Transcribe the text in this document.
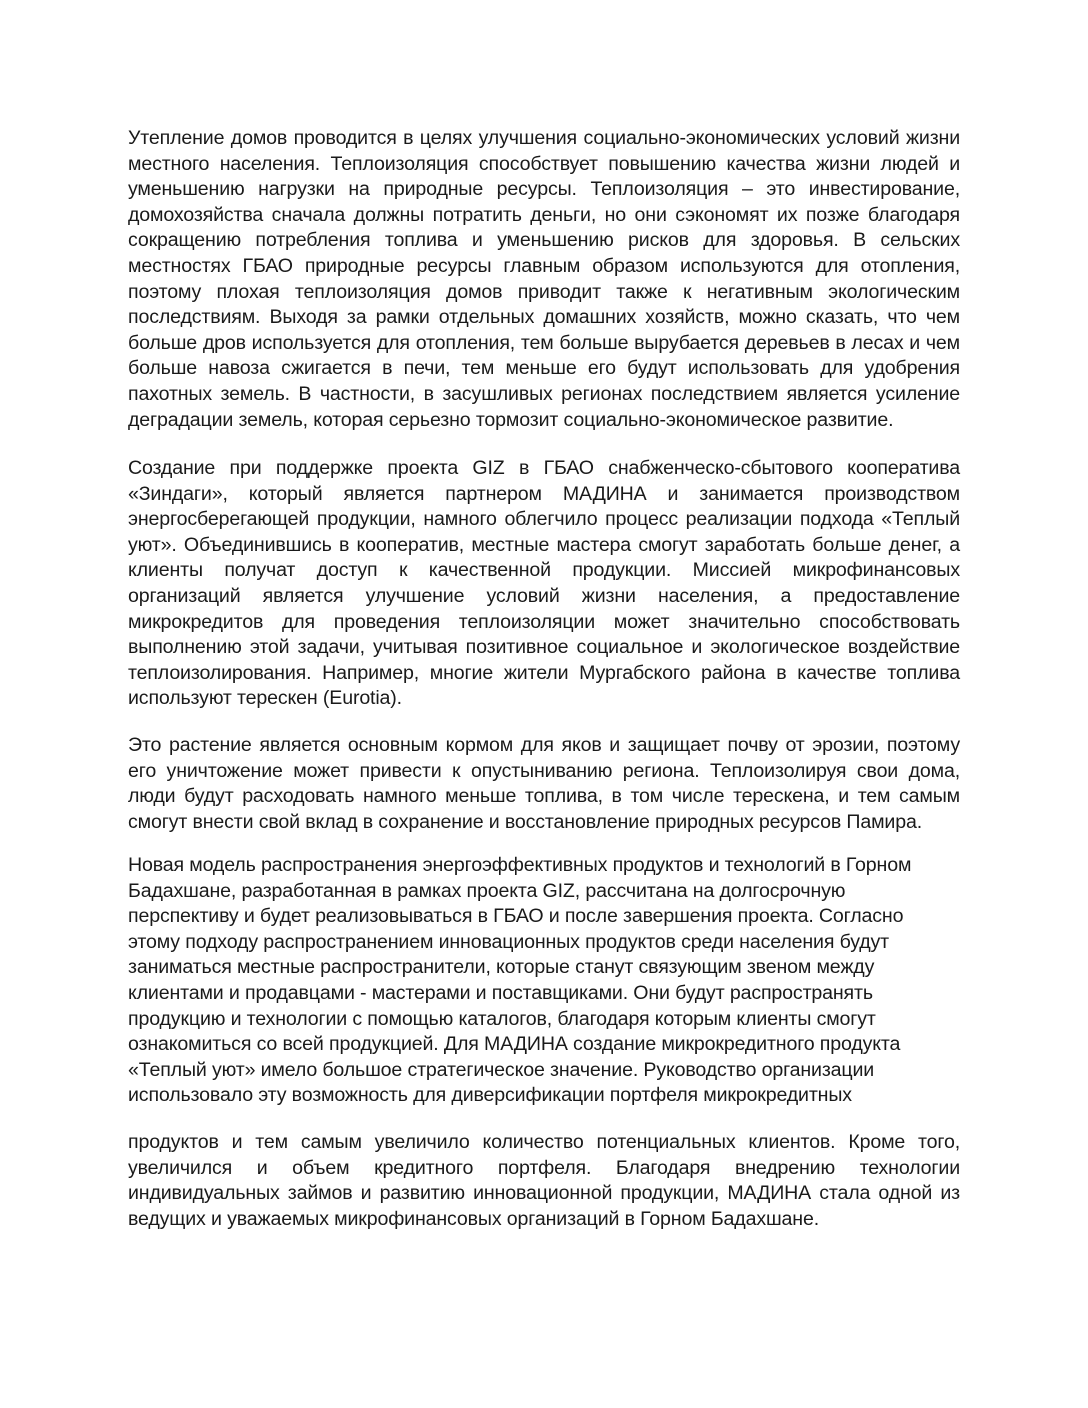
Утепление домов проводится в целях улучшения социально-экономических условий жизни местного населения. Теплоизоляция способствует повышению качества жизни людей и уменьшению нагрузки на природные ресурсы. Теплоизоляция – это инвестирование, домохозяйства сначала должны потратить деньги, но они сэкономят их позже благодаря сокращению потребления топлива и уменьшению рисков для здоровья. В сельских местностях ГБАО природные ресурсы главным образом используются для отопления, поэтому плохая теплоизоляция домов приводит также к негативным экологическим последствиям. Выходя за рамки отдельных домашних хозяйств, можно сказать, что чем больше дров используется для отопления, тем больше вырубается деревьев в лесах и чем больше навоза сжигается в печи, тем меньше его будут использовать для удобрения пахотных земель. В частности, в засушливых регионах последствием является усиление деградации земель, которая серьезно тормозит социально-экономическое развитие.

Создание при поддержке проекта GIZ в ГБАО снабженческо-сбытового кооператива «Зиндаги», который является партнером МАДИНА и занимается производством энергосберегающей продукции, намного облегчило процесс реализации подхода «Теплый уют». Объединившись в кооператив, местные мастера смогут заработать больше денег, а клиенты получат доступ к качественной продукции. Миссией микрофинансовых организаций является улучшение условий жизни населения, а предоставление микрокредитов для проведения теплоизоляции может значительно способствовать выполнению этой задачи, учитывая позитивное социальное и экологическое воздействие теплоизолирования. Например, многие жители Мургабского района в качестве топлива используют терескен (Eurotia).

Это растение является основным кормом для яков и защищает почву от эрозии, поэтому его уничтожение может привести к опустыниванию региона. Теплоизолируя свои дома, люди будут расходовать намного меньше топлива, в том числе терескена, и тем самым смогут внести свой вклад в сохранение и восстановление природных ресурсов Памира.

Новая модель распространения энергоэффективных продуктов и технологий в Горном Бадахшане, разработанная в рамках проекта GIZ, рассчитана на долгосрочную перспективу и будет реализовываться в ГБАО и после завершения проекта. Согласно этому подходу распространением инновационных продуктов среди населения будут заниматься местные распространители, которые станут связующим звеном между клиентами и продавцами - мастерами и поставщиками. Они будут распространять продукцию и технологии с помощью каталогов, благодаря которым клиенты смогут ознакомиться со всей продукцией. Для МАДИНА создание микрокредитного продукта «Теплый уют» имело большое стратегическое значение. Руководство организации использовало эту возможность для диверсификации портфеля микрокредитных

продуктов и тем самым увеличило количество потенциальных клиентов. Кроме того, увеличился и объем кредитного портфеля. Благодаря внедрению технологии индивидуальных займов и развитию инновационной продукции, МАДИНА стала одной из ведущих и уважаемых микрофинансовых организаций в Горном Бадахшане.
